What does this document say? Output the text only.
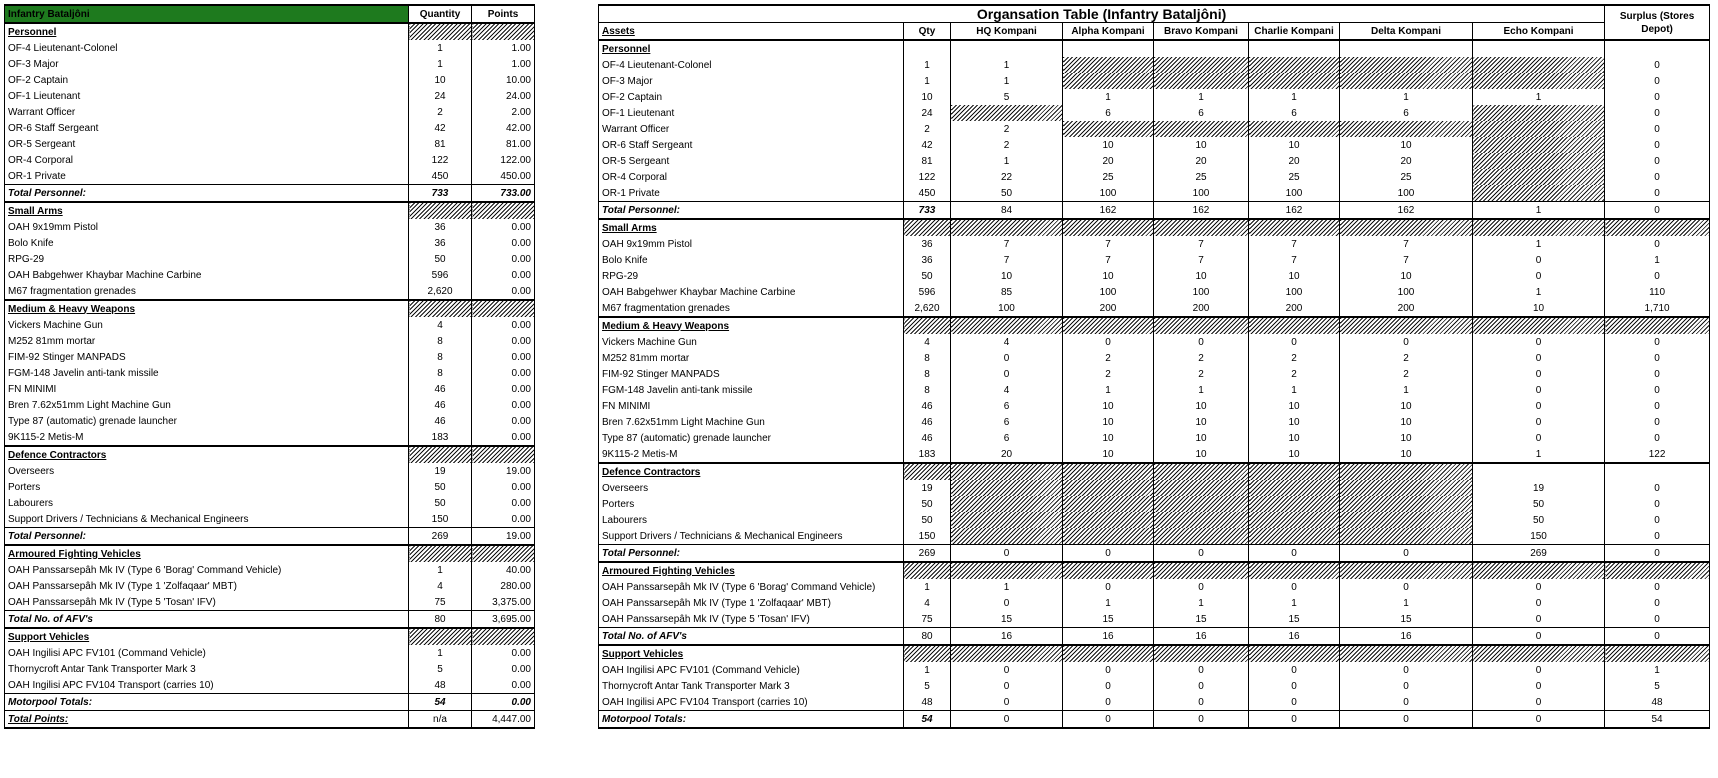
Infantry Bataljôni	Quantity	Points
Personnel		
OF-4 Lieutenant-Colonel	1	1.00
OF-3 Major	1	1.00
OF-2 Captain	10	10.00
OF-1 Lieutenant	24	24.00
Warrant Officer	2	2.00
OR-6 Staff Sergeant	42	42.00
OR-5 Sergeant	81	81.00
OR-4 Corporal	122	122.00
OR-1 Private	450	450.00
Total Personnel:	733	733.00
Small Arms		
OAH 9x19mm Pistol	36	0.00
Bolo Knife	36	0.00
RPG-29	50	0.00
OAH Babgehwer Khaybar Machine Carbine	596	0.00
M67 fragmentation grenades	2,620	0.00
Medium & Heavy Weapons		
Vickers Machine Gun	4	0.00
M252 81mm mortar	8	0.00
FIM-92 Stinger MANPADS	8	0.00
FGM-148 Javelin anti-tank missile	8	0.00
FN MINIMI	46	0.00
Bren 7.62x51mm Light Machine Gun	46	0.00
Type 87 (automatic) grenade launcher	46	0.00
9K115-2 Metis-M	183	0.00
Defence Contractors		
Overseers	19	19.00
Porters	50	0.00
Labourers	50	0.00
Support Drivers / Technicians & Mechanical Engineers	150	0.00
Total Personnel:	269	19.00
Armoured Fighting Vehicles		
OAH Panssarsepâh Mk IV (Type 6 'Borag' Command Vehicle)	1	40.00
OAH Panssarsepâh Mk IV (Type 1 'Zolfaqaar' MBT)	4	280.00
OAH Panssarsepâh Mk IV (Type 5 'Tosan' IFV)	75	3,375.00
Total No. of AFV's	80	3,695.00
Support Vehicles		
OAH Ingilisi APC FV101 (Command Vehicle)	1	0.00
Thornycroft Antar Tank Transporter Mark 3	5	0.00
OAH Ingilisi APC FV104 Transport (carries 10)	48	0.00
Motorpool Totals:	54	0.00
Total Points:	n/a	4,447.00
Organsation Table (Infantry Bataljôni)								Surplus (Stores Depot)
Assets	Qty	HQ Kompani	Alpha Kompani	Bravo Kompani	Charlie Kompani	Delta Kompani	Echo Kompani	
Personnel								
OF-4 Lieutenant-Colonel	1	1						0
OF-3 Major	1	1						0
OF-2 Captain	10	5	1	1	1	1	1	0
OF-1 Lieutenant	24		6	6	6	6		0
Warrant Officer	2	2						0
OR-6 Staff Sergeant	42	2	10	10	10	10		0
OR-5 Sergeant	81	1	20	20	20	20		0
OR-4 Corporal	122	22	25	25	25	25		0
OR-1 Private	450	50	100	100	100	100		0
Total Personnel:	733	84	162	162	162	162	1	0
Small Arms								
OAH 9x19mm Pistol	36	7	7	7	7	7	1	0
Bolo Knife	36	7	7	7	7	7	0	1
RPG-29	50	10	10	10	10	10	0	0
OAH Babgehwer Khaybar Machine Carbine	596	85	100	100	100	100	1	110
M67 fragmentation grenades	2,620	100	200	200	200	200	10	1,710
Medium & Heavy Weapons								
Vickers Machine Gun	4	4	0	0	0	0	0	0
M252 81mm mortar	8	0	2	2	2	2	0	0
FIM-92 Stinger MANPADS	8	0	2	2	2	2	0	0
FGM-148 Javelin anti-tank missile	8	4	1	1	1	1	0	0
FN MINIMI	46	6	10	10	10	10	0	0
Bren 7.62x51mm Light Machine Gun	46	6	10	10	10	10	0	0
Type 87 (automatic) grenade launcher	46	6	10	10	10	10	0	0
9K115-2 Metis-M	183	20	10	10	10	10	1	122
Defence Contractors								
Overseers	19						19	0
Porters	50						50	0
Labourers	50						50	0
Support Drivers / Technicians & Mechanical Engineers	150						150	0
Total Personnel:	269	0	0	0	0	0	269	0
Armoured Fighting Vehicles								
OAH Panssarsepâh Mk IV (Type 6 'Borag' Command Vehicle)	1	1	0	0	0	0	0	0
OAH Panssarsepâh Mk IV (Type 1 'Zolfaqaar' MBT)	4	0	1	1	1	1	0	0
OAH Panssarsepâh Mk IV (Type 5 'Tosan' IFV)	75	15	15	15	15	15	0	0
Total No. of AFV's	80	16	16	16	16	16	0	0
Support Vehicles								
OAH Ingilisi APC FV101 (Command Vehicle)	1	0	0	0	0	0	0	1
Thornycroft Antar Tank Transporter Mark 3	5	0	0	0	0	0	0	5
OAH Ingilisi APC FV104 Transport (carries 10)	48	0	0	0	0	0	0	48
Motorpool Totals:	54	0	0	0	0	0	0	54
